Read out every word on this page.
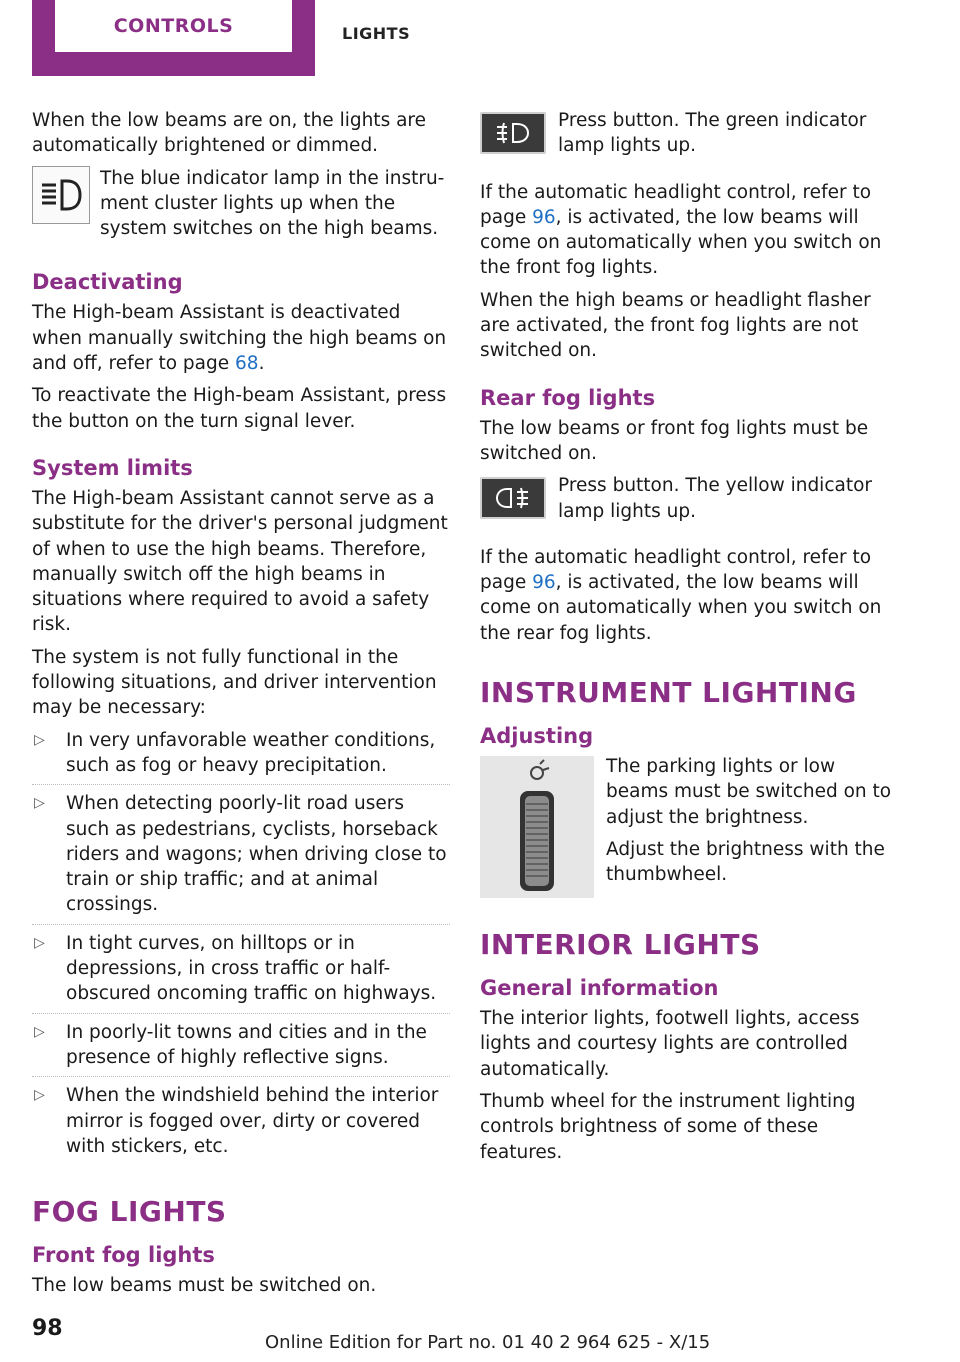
CONTROLS	LIGHTS

When the low beams are on, the lights are automatically brightened or dimmed.

The blue indicator lamp in the instrument cluster lights up when the system switches on the high beams.

Deactivating

The High-beam Assistant is deactivated when manually switching the high beams on and off, refer to page 68.

To reactivate the High-beam Assistant, press the button on the turn signal lever.

System limits

The High-beam Assistant cannot serve as a substitute for the driver's personal judgment of when to use the high beams. Therefore, manually switch off the high beams in situations where required to avoid a safety risk.

The system is not fully functional in the following situations, and driver intervention may be necessary:

▷ In very unfavorable weather conditions, such as fog or heavy precipitation.
▷ When detecting poorly-lit road users such as pedestrians, cyclists, horseback riders and wagons; when driving close to train or ship traffic; and at animal crossings.
▷ In tight curves, on hilltops or in depressions, in cross traffic or half-obscured oncoming traffic on highways.
▷ In poorly-lit towns and cities and in the presence of highly reflective signs.
▷ When the windshield behind the interior mirror is fogged over, dirty or covered with stickers, etc.
FOG LIGHTS
Front fog lights

The low beams must be switched on.

Press button. The green indicator lamp lights up.

If the automatic headlight control, refer to page 96, is activated, the low beams will come on automatically when you switch on the front fog lights.

When the high beams or headlight flasher are activated, the front fog lights are not switched on.

Rear fog lights

The low beams or front fog lights must be switched on.

Press button. The yellow indicator lamp lights up.

If the automatic headlight control, refer to page 96, is activated, the low beams will come on automatically when you switch on the rear fog lights.

INSTRUMENT LIGHTING
Adjusting

The parking lights or low beams must be switched on to adjust the brightness.

Adjust the brightness with the thumbwheel.

INTERIOR LIGHTS
General information

The interior lights, footwell lights, access lights and courtesy lights are controlled automatically.

Thumb wheel for the instrument lighting controls brightness of some of these features.

98
Online Edition for Part no. 01 40 2 964 625 - X/15
